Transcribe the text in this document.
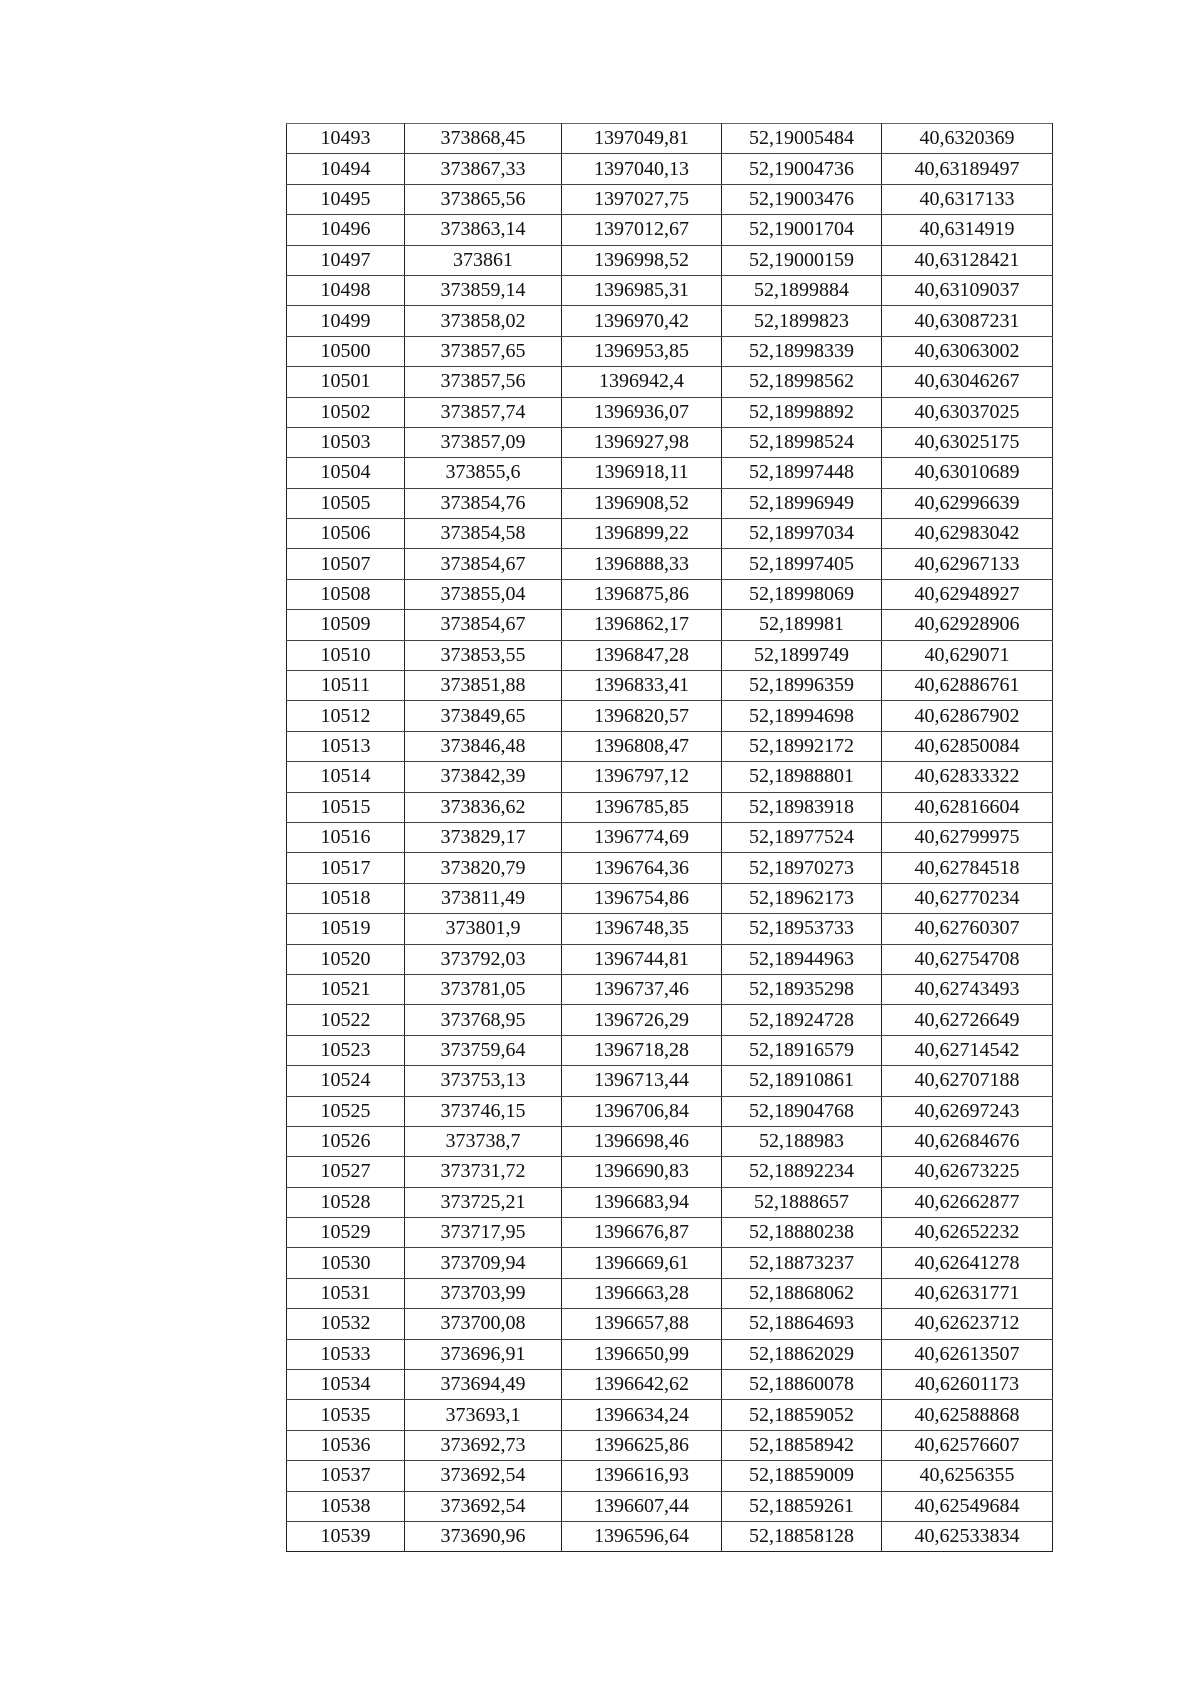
10493	373868,45	1397049,81	52,19005484	40,6320369
10494	373867,33	1397040,13	52,19004736	40,63189497
10495	373865,56	1397027,75	52,19003476	40,6317133
10496	373863,14	1397012,67	52,19001704	40,6314919
10497	373861	1396998,52	52,19000159	40,63128421
10498	373859,14	1396985,31	52,1899884	40,63109037
10499	373858,02	1396970,42	52,1899823	40,63087231
10500	373857,65	1396953,85	52,18998339	40,63063002
10501	373857,56	1396942,4	52,18998562	40,63046267
10502	373857,74	1396936,07	52,18998892	40,63037025
10503	373857,09	1396927,98	52,18998524	40,63025175
10504	373855,6	1396918,11	52,18997448	40,63010689
10505	373854,76	1396908,52	52,18996949	40,62996639
10506	373854,58	1396899,22	52,18997034	40,62983042
10507	373854,67	1396888,33	52,18997405	40,62967133
10508	373855,04	1396875,86	52,18998069	40,62948927
10509	373854,67	1396862,17	52,189981	40,62928906
10510	373853,55	1396847,28	52,1899749	40,629071
10511	373851,88	1396833,41	52,18996359	40,62886761
10512	373849,65	1396820,57	52,18994698	40,62867902
10513	373846,48	1396808,47	52,18992172	40,62850084
10514	373842,39	1396797,12	52,18988801	40,62833322
10515	373836,62	1396785,85	52,18983918	40,62816604
10516	373829,17	1396774,69	52,18977524	40,62799975
10517	373820,79	1396764,36	52,18970273	40,62784518
10518	373811,49	1396754,86	52,18962173	40,62770234
10519	373801,9	1396748,35	52,18953733	40,62760307
10520	373792,03	1396744,81	52,18944963	40,62754708
10521	373781,05	1396737,46	52,18935298	40,62743493
10522	373768,95	1396726,29	52,18924728	40,62726649
10523	373759,64	1396718,28	52,18916579	40,62714542
10524	373753,13	1396713,44	52,18910861	40,62707188
10525	373746,15	1396706,84	52,18904768	40,62697243
10526	373738,7	1396698,46	52,188983	40,62684676
10527	373731,72	1396690,83	52,18892234	40,62673225
10528	373725,21	1396683,94	52,1888657	40,62662877
10529	373717,95	1396676,87	52,18880238	40,62652232
10530	373709,94	1396669,61	52,18873237	40,62641278
10531	373703,99	1396663,28	52,18868062	40,62631771
10532	373700,08	1396657,88	52,18864693	40,62623712
10533	373696,91	1396650,99	52,18862029	40,62613507
10534	373694,49	1396642,62	52,18860078	40,62601173
10535	373693,1	1396634,24	52,18859052	40,62588868
10536	373692,73	1396625,86	52,18858942	40,62576607
10537	373692,54	1396616,93	52,18859009	40,6256355
10538	373692,54	1396607,44	52,18859261	40,62549684
10539	373690,96	1396596,64	52,18858128	40,62533834
